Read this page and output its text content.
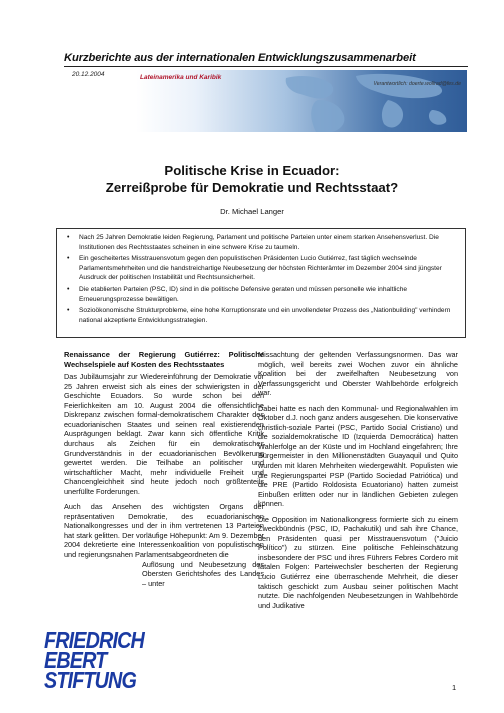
Kurzberichte aus der internationalen Entwicklungszusammenarbeit
20.12.2004	Lateinamerika und Karibik
Verantwortlich: doerte.wollrad@fes.de
Politische Krise in Ecuador:
Zerreißprobe für Demokratie und Rechtsstaat?
Dr. Michael Langer
• Nach 25 Jahren Demokratie leiden Regierung, Parlament und politische Parteien unter einem starken Ansehensverlust. Die Institutionen des Rechtsstaates scheinen in eine schwere Krise zu taumeln.
• Ein gescheitertes Misstrauensvotum gegen den populistischen Präsidenten Lucio Gutiérrez, fast täglich wechselnde Parlamentsmehrheiten und die handstreichartige Neubesetzung der höchsten Richterämter im Dezember 2004 sind jüngster Ausdruck der politischen Instabilität und Rechtsunsicherheit.
• Die etablierten Parteien (PSC, ID) sind in die politische Defensive geraten und müssen personelle wie inhaltliche Erneuerungsprozesse bewältigen.
• Sozioökonomische Strukturprobleme, eine hohe Korruptionsrate und ein unvollendeter Prozess des „Nationbuilding" verhindern national akzeptierte Entwicklungsstrategien.
Renaissance der Regierung Gutiérrez: Politische Wechselspiele auf Kosten des Rechtsstaates

Das Jubiläumsjahr zur Wiedereinführung der Demokratie vor 25 Jahren erweist sich als eines der schwierigsten in der Geschichte Ecuadors. So wurde schon bei den Feierlichkeiten am 10. August 2004 die offensichtliche Diskrepanz zwischen formal-demokratischem Charakter des ecuadorianischen Staates und seinen real existierenden Ausprägungen beklagt. Zwar kann sich öffentliche Kritik durchaus als Zeichen für ein demokratisches Grundverständnis in der ecuadorianischen Bevölkerung gewertet werden. Die Teilhabe an politischer und wirtschaftlicher Macht, mehr individuelle Freiheit und Chancengleichheit sind heute jedoch noch größtenteils unerfüllte Forderungen.

Auch das Ansehen des wichtigsten Organs der repräsentativen Demokratie, des ecuadorianischen Nationalkongresses und der in ihm vertretenen 13 Parteien hat stark gelitten. Der vorläufige Höhepunkt: Am 9. Dezember 2004 dekretierte eine Interessenkoalition von populistischen und regierungsnahen Parlamentsabgeordneten die

Auflösung und Neubesetzung des Obersten Gerichtshofes des Landes – unter

Missachtung der geltenden Verfassungsnormen. Das war möglich, weil bereits zwei Wochen zuvor ein ähnliche Koalition bei der zweifelhaften Neubesetzung von Verfassungsgericht und Oberster Wahlbehörde erfolgreich war.

Dabei hatte es nach den Kommunal- und Regionalwahlen im Oktober d.J. noch ganz anders ausgesehen. Die konservative christlich-soziale Partei (PSC, Partido Social Cristiano) und die sozialdemokratische ID (Izquierda Democrática) hatten Wahlerfolge an der Küste und im Hochland eingefahren; Ihre Bürgermeister in den Millionenstädten Guayaquil und Quito wurden mit klaren Mehrheiten wiedergewählt. Populisten wie die Regierungspartei PSP (Partido Sociedad Patriótica) und die PRE (Partido Roldosista Ecuatoriano) hatten zumeist Einbußen erlitten oder nur in ländlichen Gebieten zulegen können.

Die Opposition im Nationalkongress formierte sich zu einem Zweckbündnis (PSC, ID, Pachakutik) und sah ihre Chance, den Präsidenten quasi per Misstrauensvotum ("Juicio Político") zu stürzen. Eine politische Fehleinschätzung insbesondere der PSC und ihres Führers Febres Cordero mit fatalen Folgen: Parteiwechsler bescherten der Regierung Lucio Gutiérrez eine überraschende Mehrheit, die dieser taktisch geschickt zum Ausbau seiner politischen Macht nutzte. Die nachfolgenden Neubesetzungen in Wahlbehörde und Judikative

FRIEDRICH
EBERT
STIFTUNG	1
